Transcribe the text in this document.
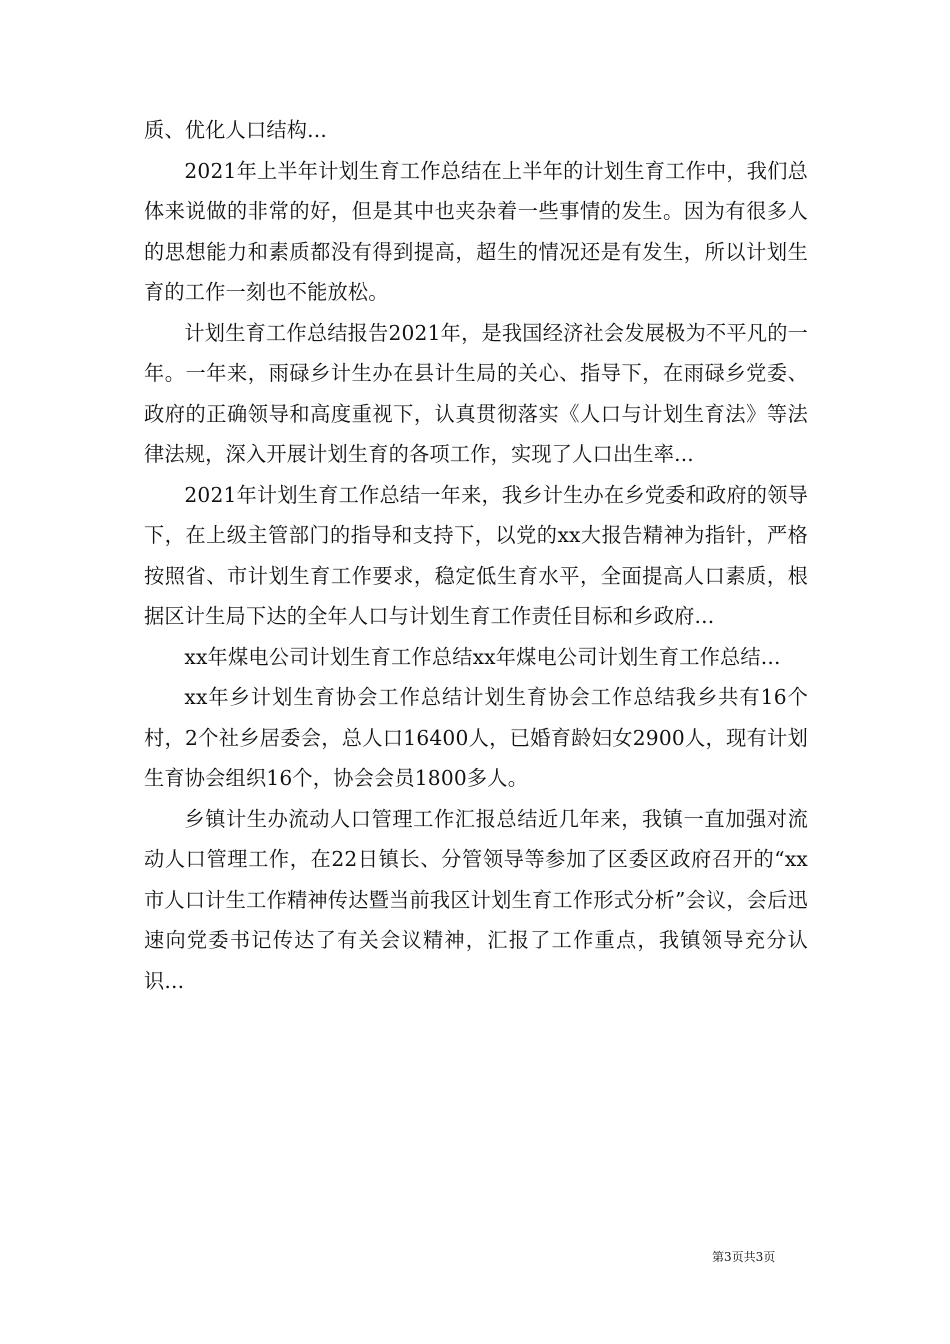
质、优化人口结构...

2021年上半年计划生育工作总结在上半年的计划生育工作中，我们总体来说做的非常的好，但是其中也夹杂着一些事情的发生。因为有很多人的思想能力和素质都没有得到提高，超生的情况还是有发生，所以计划生育的工作一刻也不能放松。

计划生育工作总结报告2021年，是我国经济社会发展极为不平凡的一年。一年来，雨碌乡计生办在县计生局的关心、指导下，在雨碌乡党委、政府的正确领导和高度重视下，认真贯彻落实《人口与计划生育法》等法律法规，深入开展计划生育的各项工作，实现了人口出生率...

2021年计划生育工作总结一年来，我乡计生办在乡党委和政府的领导下，在上级主管部门的指导和支持下，以党的xx大报告精神为指针，严格按照省、市计划生育工作要求，稳定低生育水平，全面提高人口素质，根据区计生局下达的全年人口与计划生育工作责任目标和乡政府...

xx年煤电公司计划生育工作总结xx年煤电公司计划生育工作总结...

xx年乡计划生育协会工作总结计划生育协会工作总结我乡共有16个村，2个社乡居委会，总人口16400人，已婚育龄妇女2900人，现有计划生育协会组织16个，协会会员1800多人。

乡镇计生办流动人口管理工作汇报总结近几年来，我镇一直加强对流动人口管理工作，在22日镇长、分管领导等参加了区委区政府召开的“xx市人口计生工作精神传达暨当前我区计划生育工作形式分析”会议，会后迅速向党委书记传达了有关会议精神，汇报了工作重点，我镇领导充分认识...

第3页共3页
